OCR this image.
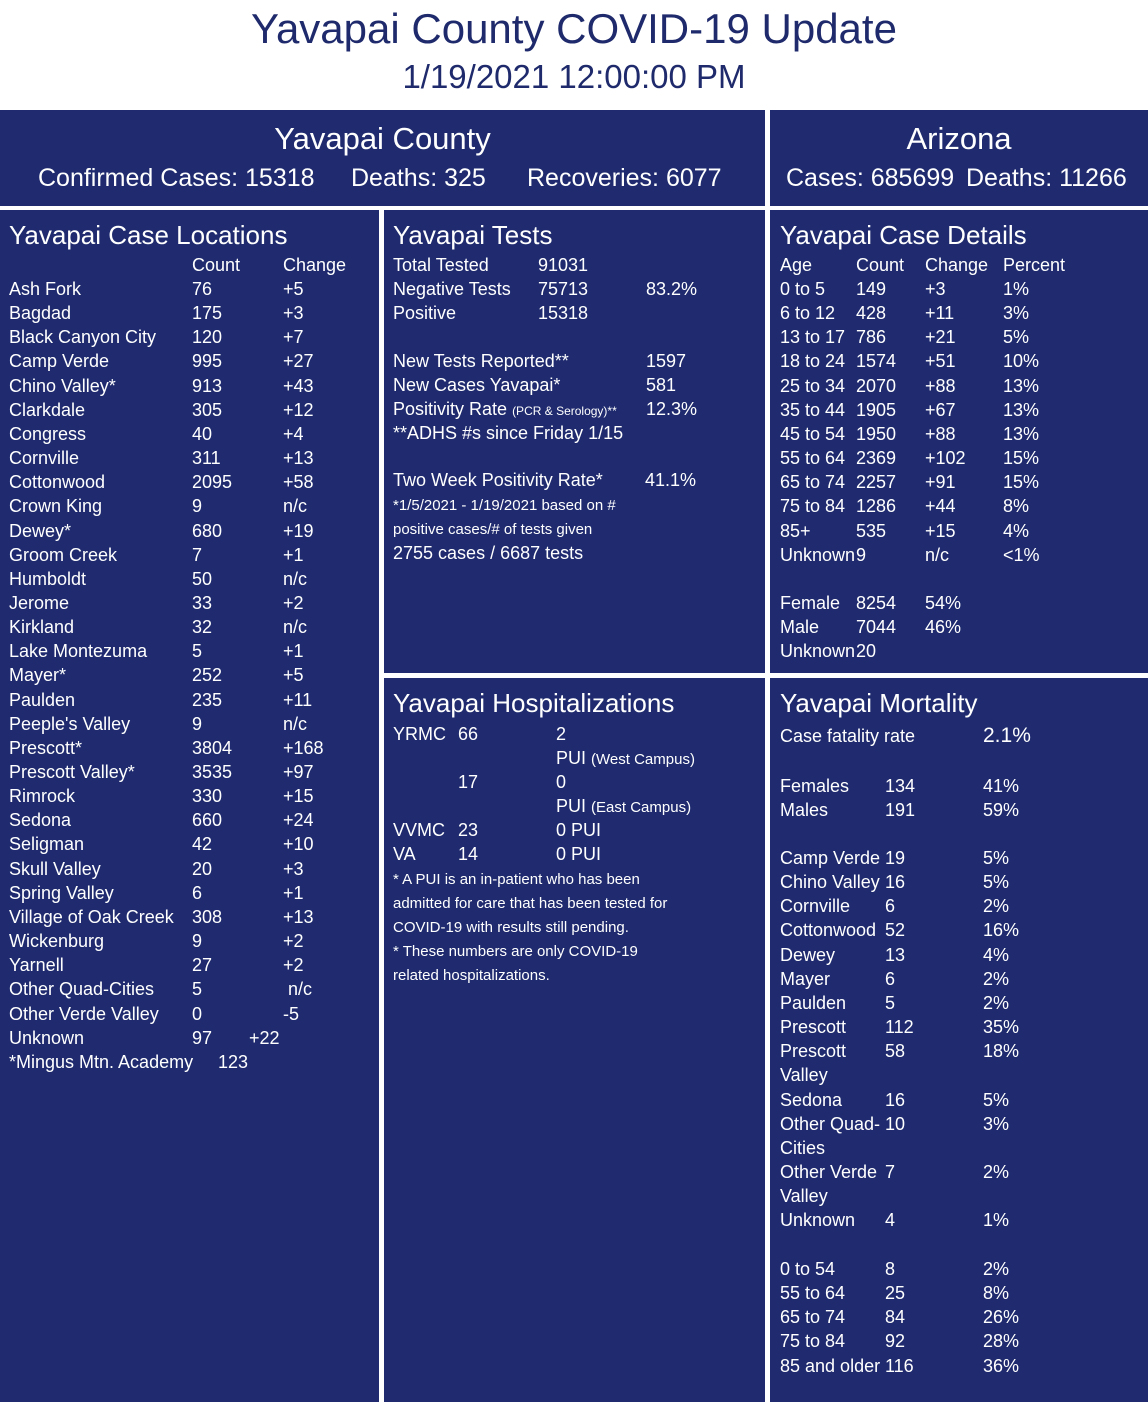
Yavapai County COVID-19 Update
1/19/2021 12:00:00 PM
Yavapai County
Confirmed Cases: 15318 Deaths: 325 Recoveries: 6077
Arizona
Cases: 685699 Deaths: 11266
Yavapai Case Locations
Count Change
Ash Fork	76	+5
Bagdad	175	+3
Black Canyon City 120	+7
Camp Verde	995	+27
Chino Valley*	913	+43
Clarkdale	305	+12
Congress	40	+4
Cornville	311	+13
Cottonwood	2095	+58
Crown King	9	n/c
Dewey*	680	+19
Groom Creek	7	+1
Humboldt	50	n/c
Jerome	33	+2
Kirkland	32	n/c
Lake Montezuma 5	+1
Mayer*	252	+5
Paulden	235	+11
Peeple's Valley	9	n/c
Prescott*	3804	+168
Prescott Valley*	3535	+97
Rimrock	330	+15
Sedona	660	+24
Seligman	42	+10
Skull Valley	20	+3
Spring Valley	6	+1
Village of Oak Creek 308	+13
Wickenburg	9	+2
Yarnell	27	+2
Other Quad-Cities 5	n/c
Other Verde Valley 0	-5
Unknown	97 +22
*Mingus Mtn. Academy 123
Yavapai Tests
Total Tested	91031
Negative Tests 75713	83.2%
Positive	15318
New Tests Reported**	1597
New Cases Yavapai*	581
Positivity Rate (PCR & Serology)** 12.3%
**ADHS #s since Friday 1/15
Two Week Positivity Rate* 41.1%
*1/5/2021 - 1/19/2021 based on #
positive cases/# of tests given
2755 cases / 6687 tests
Yavapai Case Details
Age Count Change Percent
0 to 5 149 +3	1%
6 to 12 428 +11	3%
13 to 17 786 +21	5%
18 to 24 1574 +51	10%
25 to 34 2070 +88	13%
35 to 44 1905 +67	13%
45 to 54 1950 +88	13%
55 to 64 2369 +102 15%
65 to 74 2257 +91	15%
75 to 84 1286 +44	8%
85+	535 +15	4%
Unknown 9	n/c	<1%
Female 8254 54%
Male 7044 46%
Unknown 20
Yavapai Hospitalizations
YRMC 66	2
PUI (West Campus)
17	0
PUI (East Campus)
VVMC 23	0 PUI
VA 14	0 PUI
* A PUI is an in-patient who has been
admitted for care that has been tested for
COVID-19 with results still pending.
* These numbers are only COVID-19
related hospitalizations.
Yavapai Mortality
Case fatality rate	2.1%
Females 134	41%
Males	191	59%
Camp Verde 19	5%
Chino Valley 16	5%
Cornville 6	2%
Cottonwood 52	16%
Dewey	13	4%
Mayer	6	2%
Paulden 5	2%
Prescott 112	35%
Prescott 58	18%
Valley
Sedona 16	5%
Other Quad- 10	3%
Cities
Other Verde 7	2%
Valley
Unknown 4	1%
0 to 54	8	2%
55 to 64 25	8%
65 to 74 84	26%
75 to 84 92	28%
85 and older 116	36%
